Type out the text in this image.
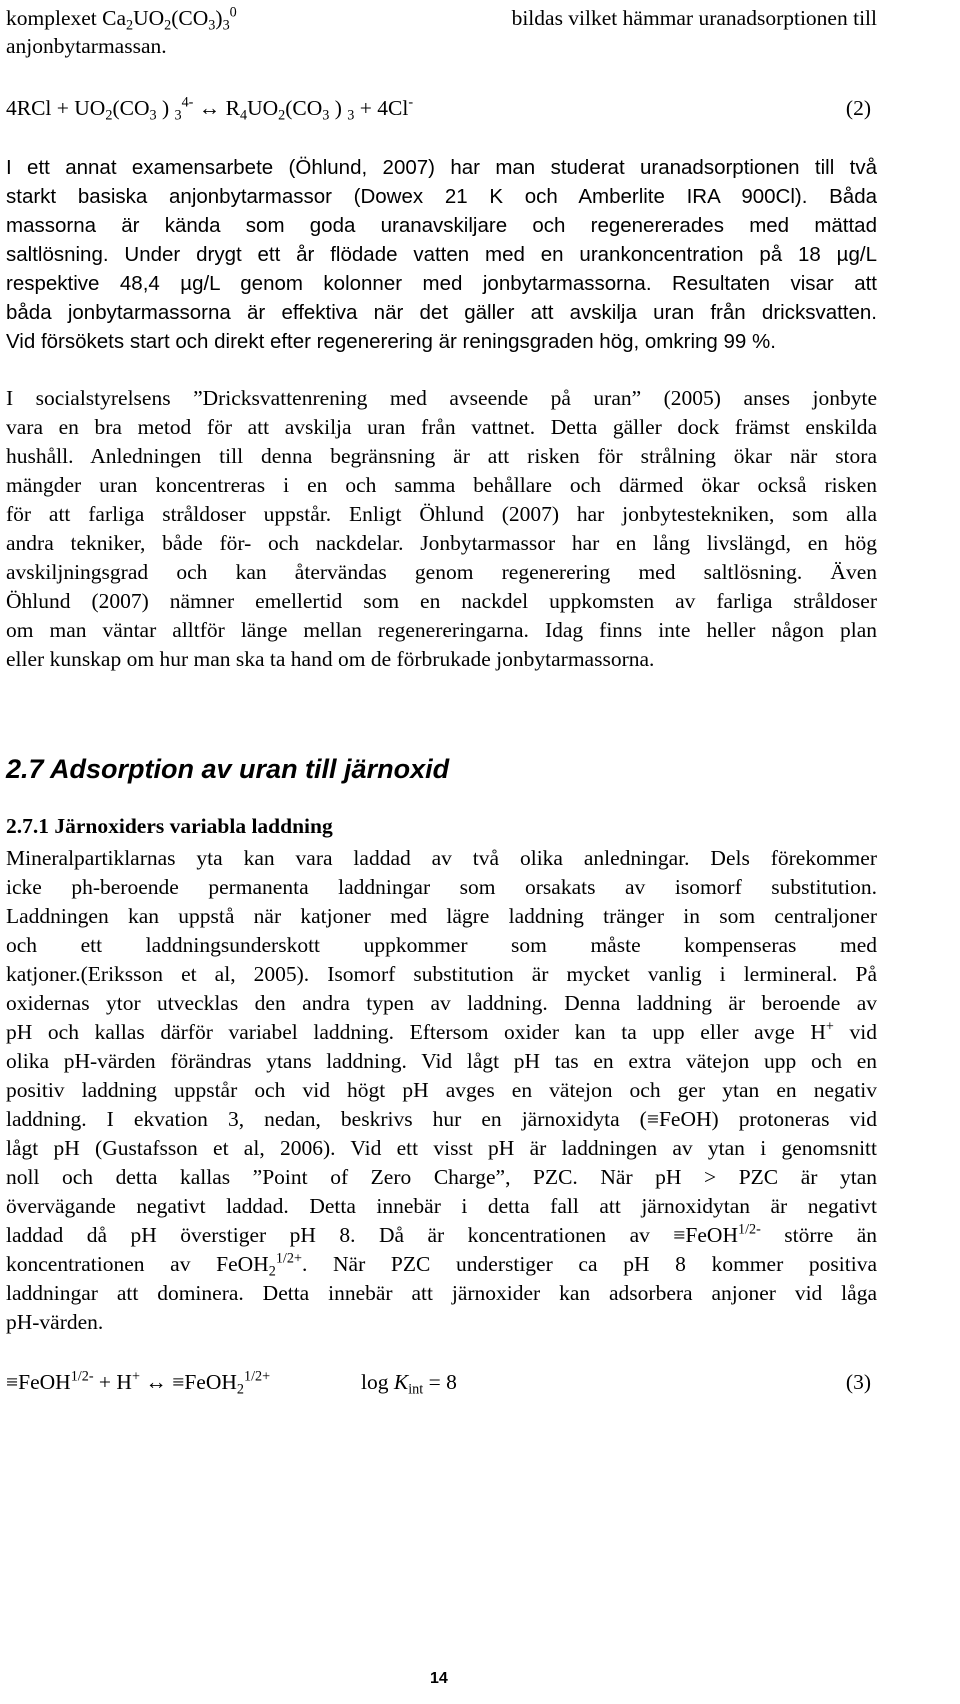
komplexet $Ca_2UO_2(CO_3)_3^0$	bildas vilket hämmar uranadsorptionen till

anjonbytarmassan.

$4RCl + UO_2(CO_3$ ) $_3^{4-}$ ↔ $R_4UO_2(CO_3$ ) $_3$ + 4Cl-	(2)

I ett annat examensarbete (Öhlund, 2007) har man studerat uranadsorptionen till två

starkt basiska anjonbytarmassor (Dowex 21 K och Amberlite IRA 900Cl). Båda

massorna är kända som goda uranavskiljare och regenererades med mättad

saltlösning. Under drygt ett år flödade vatten med en urankoncentration på 18 µg/L

respektive 48,4 µg/L genom kolonner med jonbytarmassorna. Resultaten visar att

båda jonbytarmassorna är effektiva när det gäller att avskilja uran från dricksvatten.

Vid försökets start och direkt efter regenerering är reningsgraden hög, omkring 99 %.

I socialstyrelsens ”Dricksvattenrening med avseende på uran” (2005) anses jonbyte

vara en bra metod för att avskilja uran från vattnet. Detta gäller dock främst enskilda

hushåll. Anledningen till denna begränsning är att risken för strålning ökar när stora

mängder uran koncentreras i en och samma behållare och därmed ökar också risken

för att farliga stråldoser uppstår. Enligt Öhlund (2007) har jonbytestekniken, som alla

andra tekniker, både för- och nackdelar. Jonbytarmassor har en lång livslängd, en hög

avskiljningsgrad och kan återvändas genom regenerering med saltlösning. Även

Öhlund (2007) nämner emellertid som en nackdel uppkomsten av farliga stråldoser

om man väntar alltför länge mellan regenereringarna. Idag finns inte heller någon plan

eller kunskap om hur man ska ta hand om de förbrukade jonbytarmassorna.

2.7 Adsorption av uran till järnoxid
2.7.1 Järnoxiders variabla laddning

Mineralpartiklarnas yta kan vara laddad av två olika anledningar. Dels förekommer

icke ph-beroende permanenta laddningar som orsakats av isomorf substitution.

Laddningen kan uppstå när katjoner med lägre laddning tränger in som centraljoner

och ett laddningsunderskott uppkommer som måste kompenseras med

katjoner.(Eriksson et al, 2005). Isomorf substitution är mycket vanlig i lermineral. På

oxidernas ytor utvecklas den andra typen av laddning. Denna laddning är beroende av

pH och kallas därför variabel laddning. Eftersom oxider kan ta upp eller avge H+ vid

olika pH-värden förändras ytans laddning. Vid lågt pH tas en extra vätejon upp och en

positiv laddning uppstår och vid högt pH avges en vätejon och ger ytan en negativ

laddning. I ekvation 3, nedan, beskrivs hur en järnoxidyta (≡FeOH) protoneras vid

lågt pH (Gustafsson et al, 2006). Vid ett visst pH är laddningen av ytan i genomsnitt

noll och detta kallas ”Point of Zero Charge”, PZC. När pH > PZC är ytan

övervägande negativt laddad. Detta innebär i detta fall att järnoxidytan är negativt

laddad då pH överstiger pH 8. Då är koncentrationen av ≡FeOH$^{1/2-}$ större än

koncentrationen av FeOH$_2^{1/2+}$. När PZC understiger ca pH 8 kommer positiva

laddningar att dominera. Detta innebär att järnoxider kan adsorbera anjoner vid låga

pH-värden.

≡FeOH$^{1/2-}$ + H+ ↔ ≡FeOH$_2^{1/2+}$	$\log K_{int} = 8$	(3)

14
